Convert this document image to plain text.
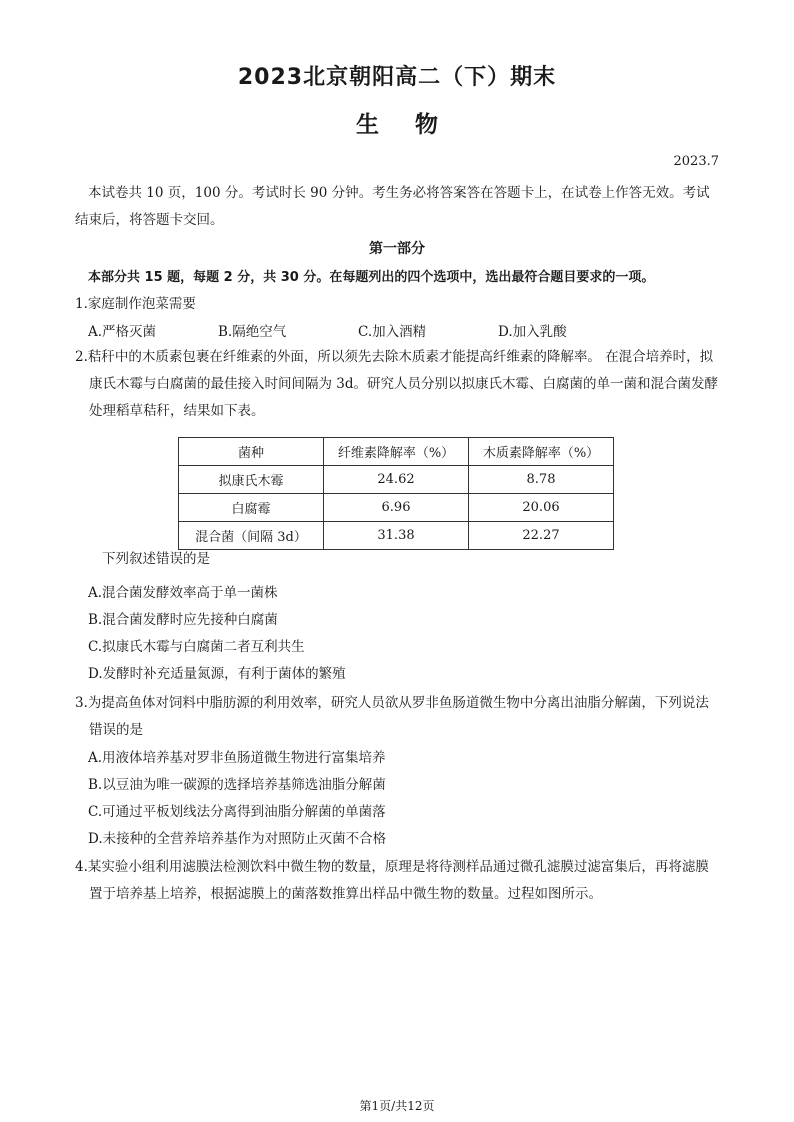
2023北京朝阳高二（下）期末
生物
2023.7
本试卷共 10 页，100 分。考试时长 90 分钟。考生务必将答案答在答题卡上，在试卷上作答无效。考试结束后，将答题卡交回。
第一部分
本部分共 15 题，每题 2 分，共 30 分。在每题列出的四个选项中，选出最符合题目要求的一项。
1.家庭制作泡菜需要
A.严格灭菌	B.隔绝空气	C.加入酒精	D.加入乳酸
2.秸秆中的木质素包裹在纤维素的外面，所以须先去除木质素才能提高纤维素的降解率。 在混合培养时，拟康氏木霉与白腐菌的最佳接入时间间隔为 3d。研究人员分别以拟康氏木霉、白腐菌的单一菌和混合菌发酵处理稻草秸秆，结果如下表。
菌种	纤维素降解率（%）	木质素降解率（%）
拟康氏木霉	24.62	8.78
白腐霉	6.96	20.06
混合菌（间隔 3d）	31.38	22.27
下列叙述错误的是
A.混合菌发酵效率高于单一菌株
B.混合菌发酵时应先接种白腐菌
C.拟康氏木霉与白腐菌二者互利共生
D.发酵时补充适量氮源，有利于菌体的繁殖
3.为提高鱼体对饲料中脂肪源的利用效率，研究人员欲从罗非鱼肠道微生物中分离出油脂分解菌，下列说法错误的是
A.用液体培养基对罗非鱼肠道微生物进行富集培养
B.以豆油为唯一碳源的选择培养基筛选油脂分解菌
C.可通过平板划线法分离得到油脂分解菌的单菌落
D.未接种的全营养培养基作为对照防止灭菌不合格
4.某实验小组利用滤膜法检测饮料中微生物的数量，原理是将待测样品通过微孔滤膜过滤富集后，再将滤膜置于培养基上培养，根据滤膜上的菌落数推算出样品中微生物的数量。过程如图所示。
第1页/共12页
